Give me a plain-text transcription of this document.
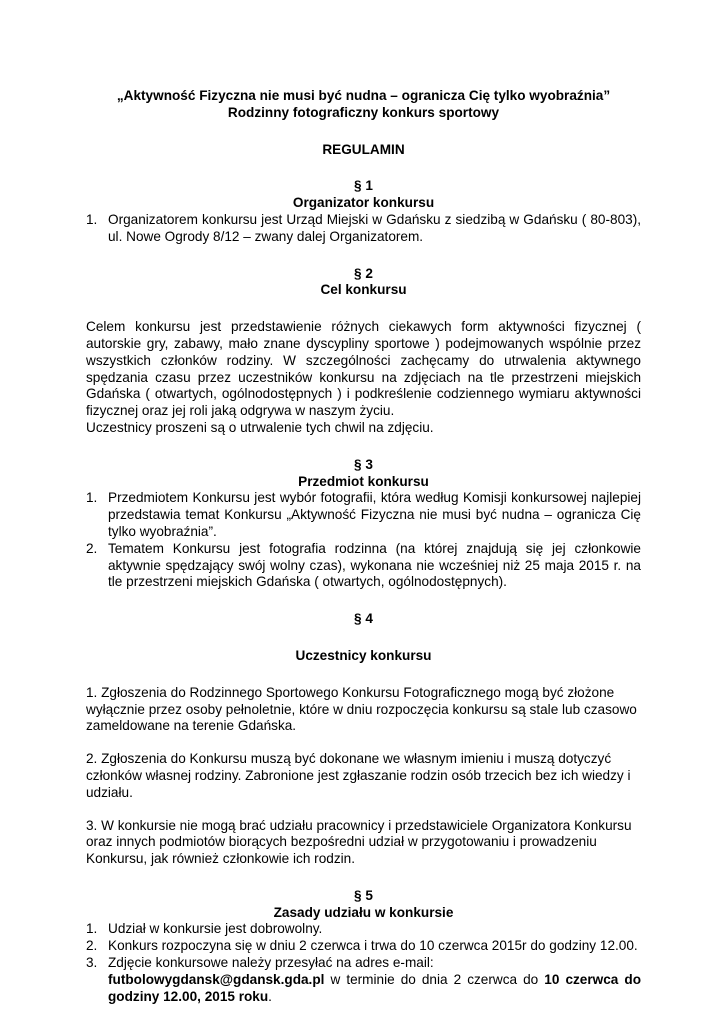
„Aktywność Fizyczna nie musi być nudna – ogranicza Cię tylko wyobraźnia”
Rodzinny fotograficzny konkurs sportowy
REGULAMIN
§ 1
Organizator konkursu
1. Organizatorem konkursu jest Urząd Miejski w Gdańsku z siedzibą w Gdańsku ( 80-803), ul. Nowe Ogrody 8/12 – zwany dalej Organizatorem.
§ 2
Cel konkursu

Celem konkursu jest przedstawienie różnych ciekawych form aktywności fizycznej ( autorskie gry, zabawy, mało znane dyscypliny sportowe ) podejmowanych wspólnie przez wszystkich członków rodziny. W szczególności zachęcamy do utrwalenia aktywnego spędzania czasu przez uczestników konkursu na zdjęciach na tle przestrzeni miejskich Gdańska ( otwartych, ogólnodostępnych ) i podkreślenie codziennego wymiaru aktywności fizycznej oraz jej roli jaką odgrywa w naszym życiu.

Uczestnicy proszeni są o utrwalenie tych chwil na zdjęciu.

§ 3
Przedmiot konkursu
1. Przedmiotem Konkursu jest wybór fotografii, która według Komisji konkursowej najlepiej przedstawia temat Konkursu „Aktywność Fizyczna nie musi być nudna – ogranicza Cię tylko wyobraźnia”.
2. Tematem Konkursu jest fotografia rodzinna (na której znajdują się jej członkowie aktywnie spędzający swój wolny czas), wykonana nie wcześniej niż 25 maja 2015 r. na tle przestrzeni miejskich Gdańska ( otwartych, ogólnodostępnych).
§ 4
Uczestnicy konkursu

1. Zgłoszenia do Rodzinnego Sportowego Konkursu Fotograficznego mogą być złożone wyłącznie przez osoby pełnoletnie, które w dniu rozpoczęcia konkursu są stale lub czasowo zameldowane na terenie Gdańska.

2. Zgłoszenia do Konkursu muszą być dokonane we własnym imieniu i muszą dotyczyć członków własnej rodziny. Zabronione jest zgłaszanie rodzin osób trzecich bez ich wiedzy i udziału.

3. W konkursie nie mogą brać udziału pracownicy i przedstawiciele Organizatora Konkursu oraz innych podmiotów biorących bezpośredni udział w przygotowaniu i prowadzeniu Konkursu, jak również członkowie ich rodzin.

§ 5
Zasady udziału w konkursie
1. Udział w konkursie jest dobrowolny.
2. Konkurs rozpoczyna się w dniu 2 czerwca i trwa do 10 czerwca 2015r do godziny 12.00.
3. Zdjęcie konkursowe należy przesyłać na adres e-mail:
futbolowygdansk@gdansk.gda.pl w terminie do dnia 2 czerwca do 10 czerwca do godziny 12.00, 2015 roku.
